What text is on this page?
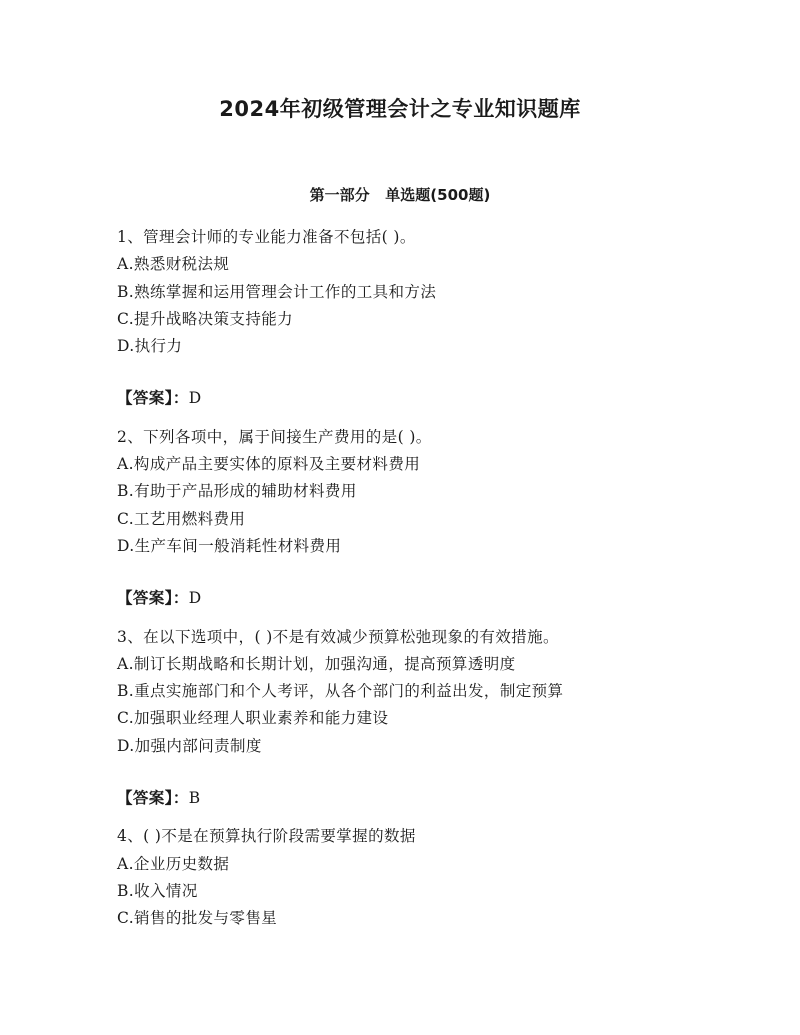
2024年初级管理会计之专业知识题库
第一部分   单选题(500题)
1、管理会计师的专业能力准备不包括( )。
A.熟悉财税法规
B.熟练掌握和运用管理会计工作的工具和方法
C.提升战略决策支持能力
D.执行力
【答案】：D
2、下列各项中，属于间接生产费用的是( )。
A.构成产品主要实体的原料及主要材料费用
B.有助于产品形成的辅助材料费用
C.工艺用燃料费用
D.生产车间一般消耗性材料费用
【答案】：D
3、在以下选项中，( )不是有效减少预算松弛现象的有效措施。
A.制订长期战略和长期计划，加强沟通，提高预算透明度
B.重点实施部门和个人考评，从各个部门的利益出发，制定预算
C.加强职业经理人职业素养和能力建设
D.加强内部问责制度
【答案】：B
4、( )不是在预算执行阶段需要掌握的数据
A.企业历史数据
B.收入情况
C.销售的批发与零售星
